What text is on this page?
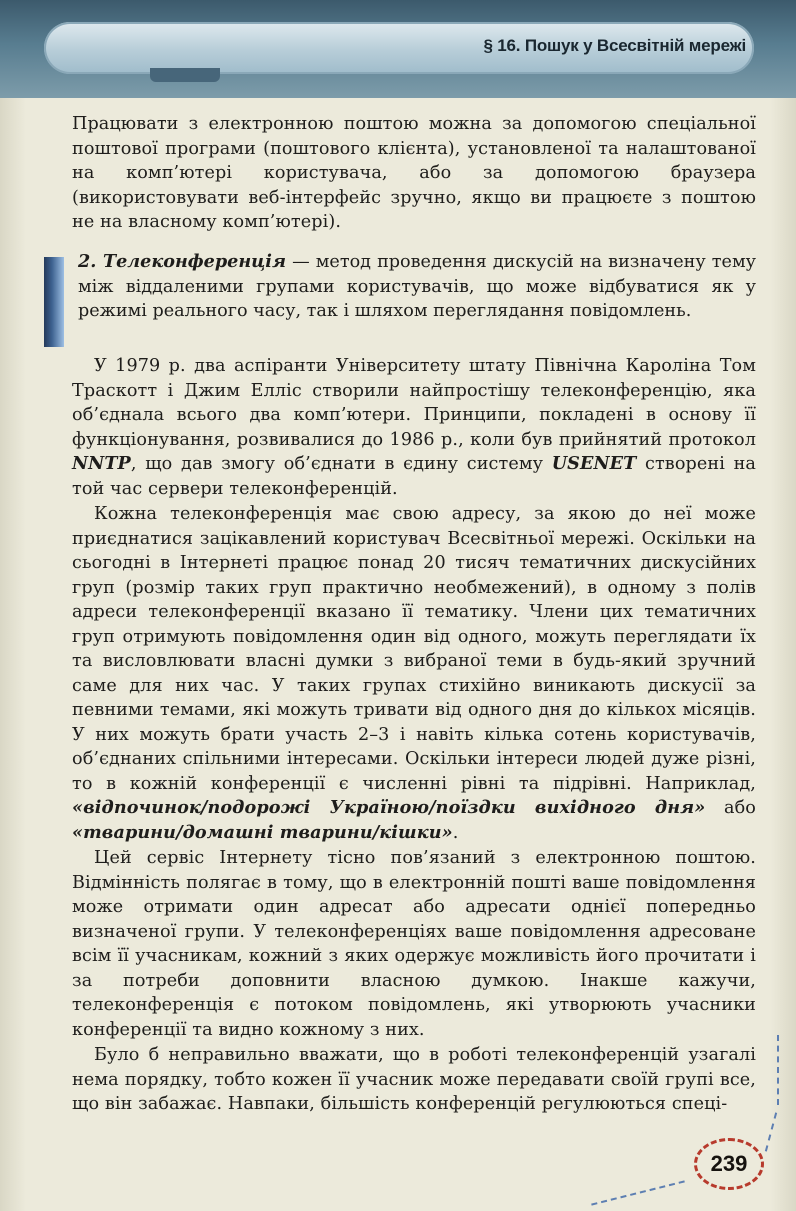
§ 16. Пошук у Всесвітній мережі

Працювати з електронною поштою можна за допомогою спеціальної поштової програми (поштового клієнта), установленої та налаштованої на комп’ютері користувача, або за допомогою браузера (використовувати веб-інтерфейс зручно, якщо ви працюєте з поштою не на власному комп’ютері).

2. Телеконференція — метод проведення дискусій на визначену тему між віддаленими групами користувачів, що може відбуватися як у режимі реального часу, так і шляхом переглядання повідомлень.

У 1979 р. два аспіранти Університету штату Північна Кароліна Том Траскотт і Джим Елліс створили найпростішу телеконференцію, яка об’єднала всього два комп’ютери. Принципи, покладені в основу її функціонування, розвивалися до 1986 р., коли був прийнятий протокол NNTP, що дав змогу об’єднати в єдину систему USENET створені на той час сервери телеконференцій.

Кожна телеконференція має свою адресу, за якою до неї може приєднатися зацікавлений користувач Всесвітньої мережі. Оскільки на сьогодні в Інтернеті працює понад 20 тисяч тематичних дискусійних груп (розмір таких груп практично необмежений), в одному з полів адреси телеконференції вказано її тематику. Члени цих тематичних груп отримують повідомлення один від одного, можуть переглядати їх та висловлювати власні думки з вибраної теми в будь-який зручний саме для них час. У таких групах стихійно виникають дискусії за певними темами, які можуть тривати від одного дня до кількох місяців. У них можуть брати участь 2–3 і навіть кілька сотень користувачів, об’єднаних спільними інтересами. Оскільки інтереси людей дуже різні, то в кожній конференції є численні рівні та підрівні. Наприклад, «відпочинок/подорожі Україною/поїздки вихідного дня» або «тварини/домашні тварини/кішки».

Цей сервіс Інтернету тісно пов’язаний з електронною поштою. Відмінність полягає в тому, що в електронній пошті ваше повідомлення може отримати один адресат або адресати однієї попередньо визначеної групи. У телеконференціях ваше повідомлення адресоване всім її учасникам, кожний з яких одержує можливість його прочитати і за потреби доповнити власною думкою. Інакше кажучи, телеконференція є потоком повідомлень, які утворюють учасники конференції та видно кожному з них.

Було б неправильно вважати, що в роботі телеконференцій узагалі нема порядку, тобто кожен її учасник може передавати своїй групі все, що він забажає. Навпаки, більшість конференцій регулюються спеці-

239
